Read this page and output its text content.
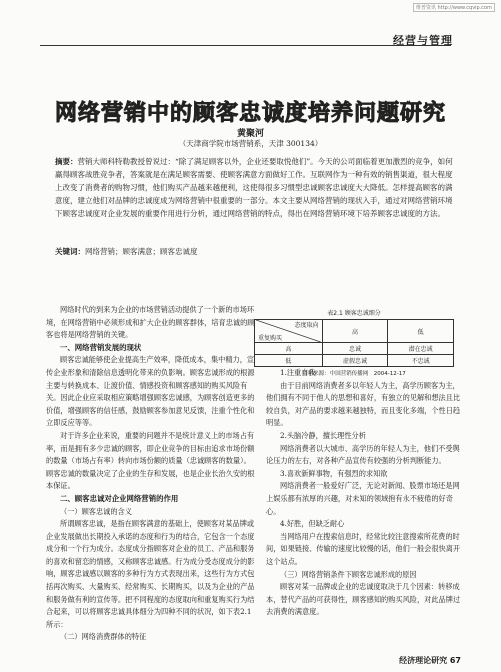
维普资讯 http://www.cqvip.com
经营与管理
网络营销中的顾客忠诚度培养问题研究
黄聚河
（天津商学院市场营销系，天津 300134）
摘要：营销大师科特勒教授曾说过：“除了满足顾客以外，企业还要取悦他们”。今天的公司面临着更加激烈的竞争，如何赢得顾客战胜竞争者，答案就是在满足顾客需要、使顾客满意方面做好工作。互联网作为一种有效的销售渠道，很大程度上改变了消费者的购物习惯，他们购买产品越来越便利，这使得很多习惯型忠诚顾客忠诚度大大降低。怎样提高顾客的满意度，建立他们对品牌的忠诚度成为网络营销中很重要的一部分。本文主要从网络营销的现状入手，通过对网络营销环境下顾客忠诚度对企业发展的重要作用进行分析，通过网络营销的特点，得出在网络营销环境下培养顾客忠诚度的方法。
关键词：网络营销；顾客满意；顾客忠诚度

网络时代的到来为企业的市场营销活动提供了一个新的市场环境，在网络营销中必须形成和扩大企业的顾客群体，培育忠诚的顾客也将是网络营销的关键。

一、网络营销发展的现状

顾客忠诚能够使企业提高生产效率，降低成本，集中精力，宣传企业形象和清除信息透明化带来的负影响。顾客忠诚形成的根源主要与转换成本、让渡价值、情感投资和顾客感知的购买风险有关。因此企业应采取相应策略增强顾客忠诚感，为顾客创造更多的价值，增强顾客的信任感，鼓励顾客参加意见反馈，注重个性化和立即反应等等。

对于许多企业来说，重要的问题并不是统计意义上的市场占有率，而是拥有多少忠诚的顾客，即企业竞争的目标由追求市场份额的数量（市场占有率）转向市场份额的质量（忠诚顾客的数量）。顾客忠诚的数量决定了企业的生存和发展，也是企业长治久安的根本保证。

二、顾客忠诚对企业网络营销的作用

（一）顾客忠诚的含义

所谓顾客忠诚，是指在顾客满意的基础上，使顾客对某品牌或企业发展做出长期投入承诺的态度和行为的结合，它包含一个态度成分和一个行为成分。态度成分指顾客对企业的员工、产品和服务的喜欢和留恋的情感，又称顾客忠诚感。行为成分受态度成分的影响，顾客忠诚感以顾客的多种行为方式表现出来，这些行为方式包括再次购买、大量购买、经常购买、长期购买，以及为企业的产品和服务做有利的宣传等。把不同程度的态度取向和重复购买行为结合起来，可以将顾客忠诚具体细分为四种不同的状况，如下表2.1所示：

（二）网络消费群体的特征

表2.1 顾客忠诚细分
态度取向
重复购买	高	低
高	忠诚	潜在忠诚
低	虚假忠诚	不忠诚
资料来源：中国营销传播网　2004-12-17

1.注重自我

由于目前网络消费者多以年轻人为主，高学历顾客为主，他们拥有不同于他人的思想和喜好，有独立的见解和想法且比较自负，对产品的要求越来越独特，而且变化多端，个性日趋明显。

2.头脑冷静，擅长理性分析

网络消费者以大城市、高学历的年轻人为主，他们不受舆论压力的左右，对各种产品宣传有较强的分析判断能力。

3.喜欢新鲜事物，有强烈的求知欲

网络消费者一般爱好广泛，无论对新闻、股票市场还是网上娱乐都有浓厚的兴趣，对未知的领域抱有永不疲倦的好奇心。

4.好胜，但缺乏耐心

当网络用户在搜索信息时，经常比较注意搜索所花费的时间，如果链接、传输的速度比较慢的话，他们一般会很快离开这个站点。

（三）网络营销条件下顾客忠诚形成的原因

顾客对某一品牌或企业的忠诚度取决于几个因素：转移成本，替代产品的可获得性，顾客感知的购买风险，对此品牌过去消费的满意度。

经济理论研究 67
